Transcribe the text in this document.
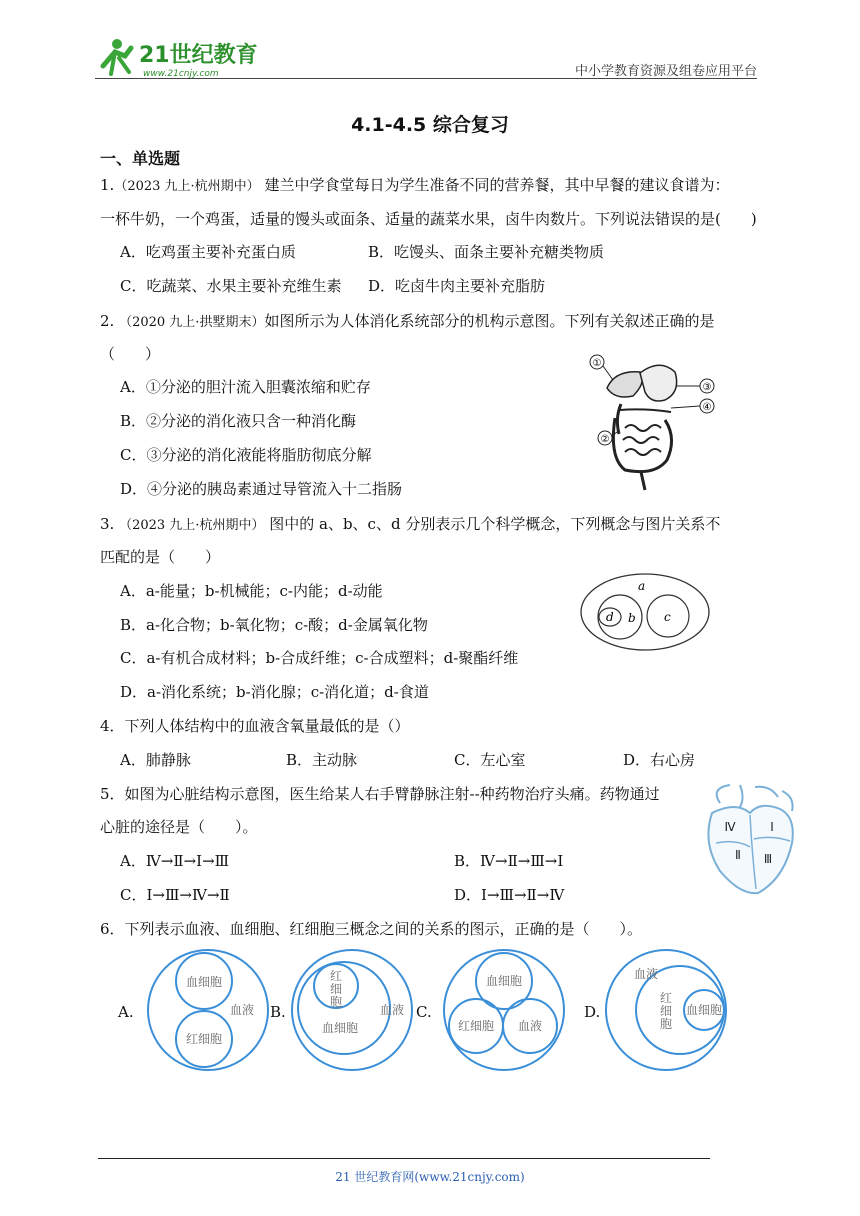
21世纪教育
www.21cnjy.com	中小学教育资源及组卷应用平台
4.1-4.5 综合复习
一、单选题
1.（2023 九上·杭州期中） 建兰中学食堂每日为学生准备不同的营养餐，其中早餐的建议食谱为：
一杯牛奶，一个鸡蛋，适量的馒头或面条、适量的蔬菜水果，卤牛肉数片。下列说法错误的是(　　)
A．吃鸡蛋主要补充蛋白质	B．吃馒头、面条主要补充糖类物质
C．吃蔬菜、水果主要补充维生素 D．吃卤牛肉主要补充脂肪
2. （2020 九上·拱墅期末）如图所示为人体消化系统部分的机构示意图。下列有关叙述正确的是
（　　）
A．①分泌的胆汁流入胆囊浓缩和贮存
B．②分泌的消化液只含一种消化酶
C．③分泌的消化液能将脂肪彻底分解
D．④分泌的胰岛素通过导管流入十二指肠
①
③
④
②
3. （2023 九上·杭州期中） 图中的 a、b、c、d 分别表示几个科学概念，下列概念与图片关系不
匹配的是（　　）
A．a-能量；b-机械能；c-内能；d-动能
B．a-化合物；b-氧化物；c-酸；d-金属氧化物
C．a-有机合成材料；b-合成纤维；c-合成塑料；d-聚酯纤维
D．a-消化系统；b-消化腺；c-消化道；d-食道
a
b
d	c
4．下列人体结构中的血液含氧量最低的是（）
A．肺静脉	B．主动脉	C．左心室	D．右心房
5．如图为心脏结构示意图，医生给某人右手臂静脉注射--种药物治疗头痛。药物通过
心脏的途径是（　　）。
A．Ⅳ→Ⅱ→Ⅰ→Ⅲ	B．Ⅳ→Ⅱ→Ⅲ→Ⅰ
C．Ⅰ→Ⅲ→Ⅳ→Ⅱ	D．Ⅰ→Ⅲ→Ⅱ→Ⅳ
Ⅳ	Ⅰ
Ⅱ Ⅲ
6．下列表示血液、血细胞、红细胞三概念之间的关系的图示，正确的是（　　）。
A.
血细胞
红细胞
血液 B.
红
细
胞
血细胞
血液 C.
血细胞
红细胞 血液
D.
血液
红
细
胞
血细胞
21 世纪教育网(www.21cnjy.com)
